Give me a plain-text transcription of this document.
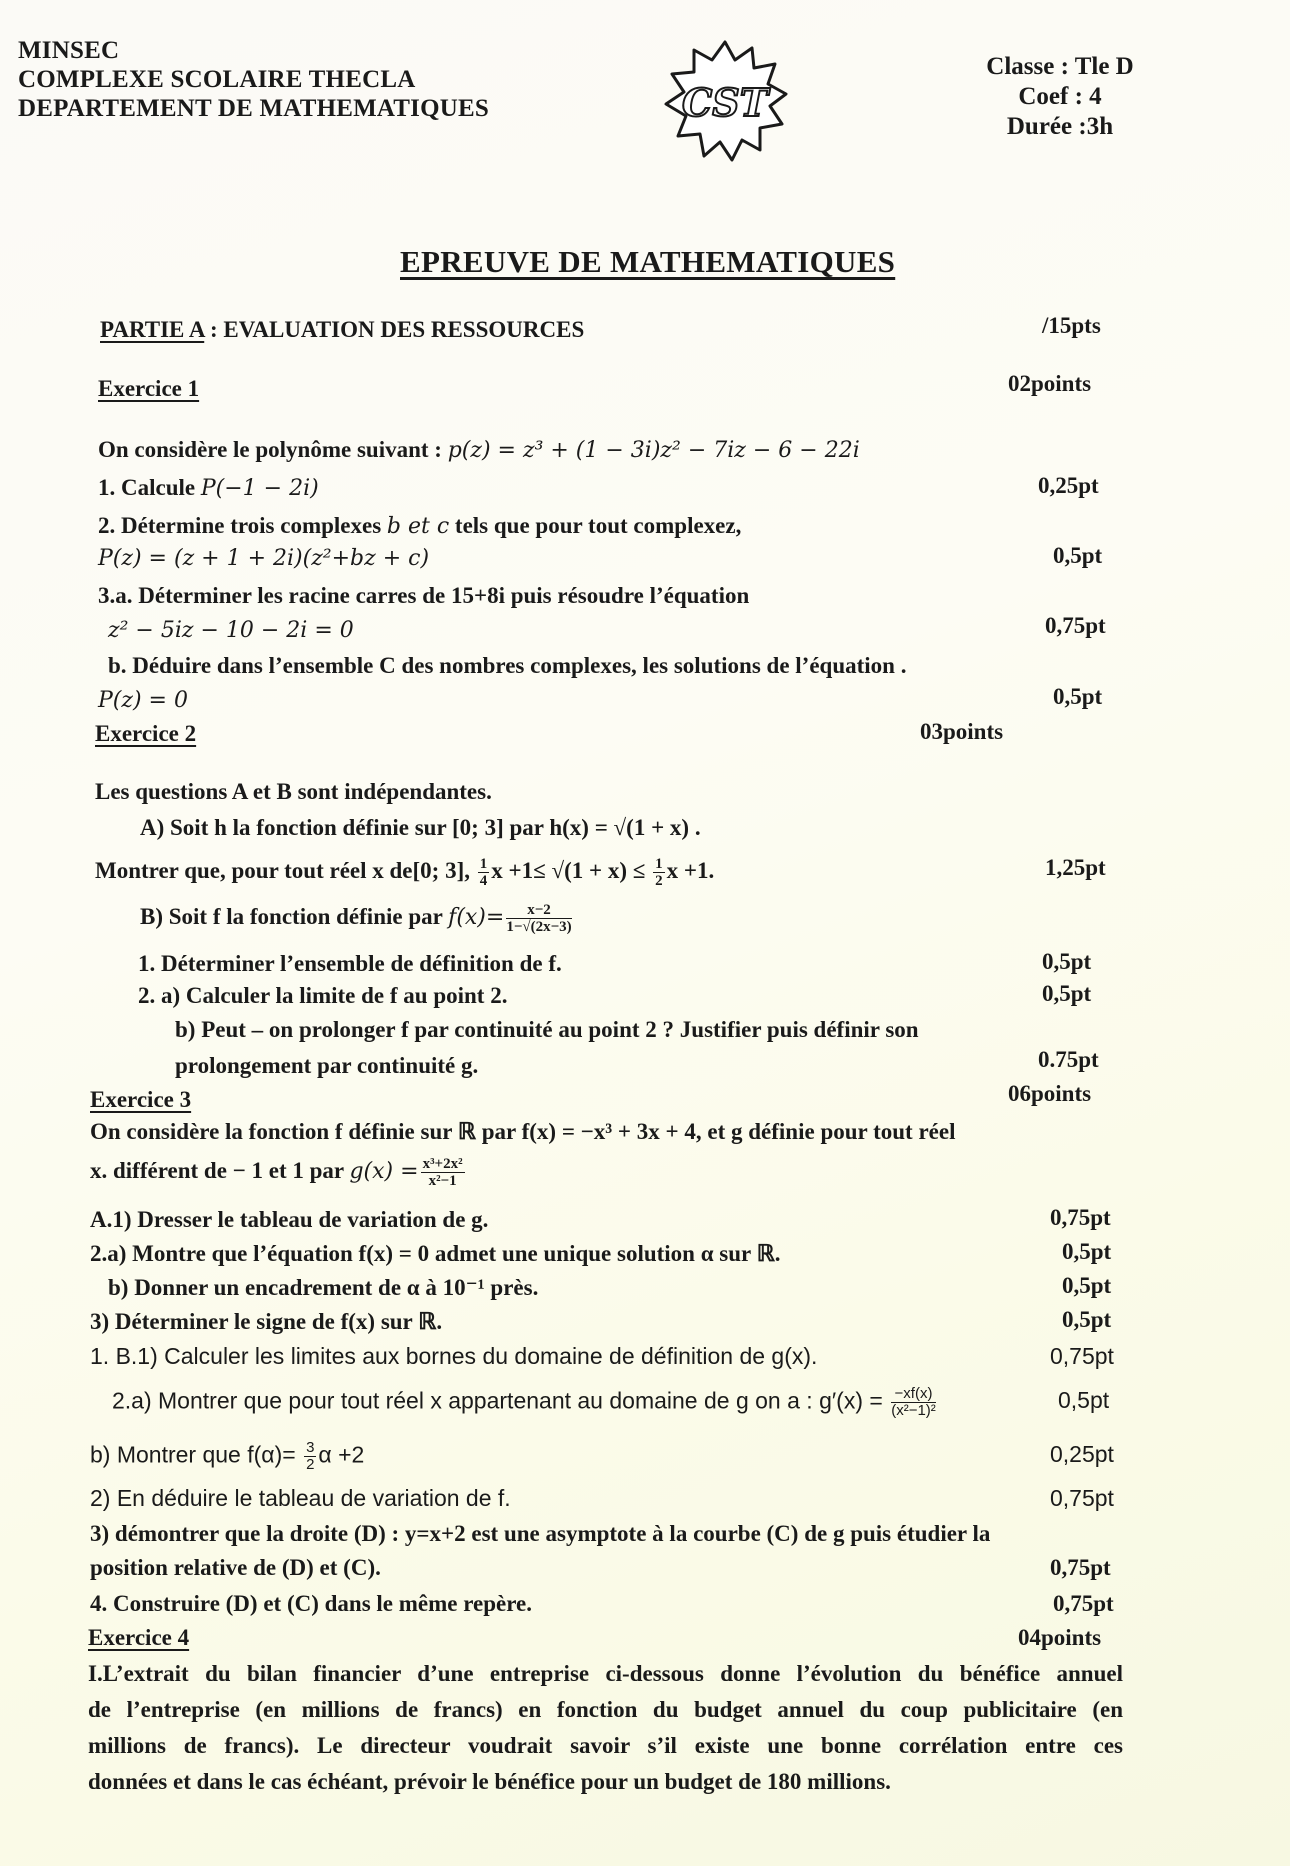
MINSEC
COMPLEXE SCOLAIRE THECLA
DEPARTEMENT DE MATHEMATIQUES	CST
Classe : Tle D
Coef : 4
Durée :3h
EPREUVE DE MATHEMATIQUES
PARTIE A : EVALUATION DES RESSOURCES	/15pts
Exercice 1	02points
On considère le polynôme suivant : p(z) = z³ + (1 − 3i)z² − 7iz − 6 − 22i
1. Calcule P(−1 − 2i)	0,25pt
2. Détermine trois complexes b et c tels que pour tout complexez,
P(z) = (z + 1 + 2i)(z²+bz + c)	0,5pt
3.a. Déterminer les racine carres de 15+8i puis résoudre l’équation
z² − 5iz − 10 − 2i = 0	0,75pt
b. Déduire dans l’ensemble C des nombres complexes, les solutions de l’équation .
P(z) = 0	0,5pt
Exercice 2	03points
Les questions A et B sont indépendantes.
A) Soit h la fonction définie sur [0; 3] par h(x) = √(1 + x) .
Montrer que, pour tout réel x de[0; 3], $\frac{1}{4}$ $x +1\le √(1 + x) \le \frac{1}{2}$ x +1.	1,25pt
B) Soit f la fonction définie par $f(x)= \frac{x-2}{1-√(2x-3)}$
1. Déterminer l’ensemble de définition de f.	0,5pt
2. a) Calculer la limite de f au point 2.	0,5pt
b) Peut – on prolonger f par continuité au point 2 ? Justifier puis définir son
prolongement par continuité g.	0.75pt
Exercice 3	06points
On considère la fonction f définie sur ℝ par f(x) = −x³ + 3x + 4, et g définie pour tout réel
x. différent de − 1 et 1 par $g(x) = \frac{\text{x³+2x²}}{\text{x²−1}}$
A.1) Dresser le tableau de variation de g.	0,75pt
2.a) Montre que l’équation f(x) = 0 admet une unique solution α sur ℝ.	0,5pt
b) Donner un encadrement de α à 10⁻¹ près.	0,5pt
3) Déterminer le signe de f(x) sur ℝ.	0,5pt
1. B.1) Calculer les limites aux bornes du domaine de définition de g(x).	0,75pt
2.a) Montrer que pour tout réel x appartenant au domaine de g on a : $g'(x) = \frac{-xf(x)}{\text{(x²−1)²}}$	0,5pt
b) Montrer que $f(\alpha)= \frac{3}{2}$ α +2	0,25pt
2) En déduire le tableau de variation de f.	0,75pt
3) démontrer que la droite (D) : y=x+2 est une asymptote à la courbe (C) de g puis étudier la
position relative de (D) et (C).	0,75pt
4. Construire (D) et (C) dans le même repère.	0,75pt
Exercice 4	04points
I.L’extrait du bilan financier d’une entreprise ci-dessous donne l’évolution du bénéfice annuel
de l’entreprise (en millions de francs) en fonction du budget annuel du coup publicitaire (en
millions de francs). Le directeur voudrait savoir s’il existe une bonne corrélation entre ces
données et dans le cas échéant, prévoir le bénéfice pour un budget de 180 millions.
